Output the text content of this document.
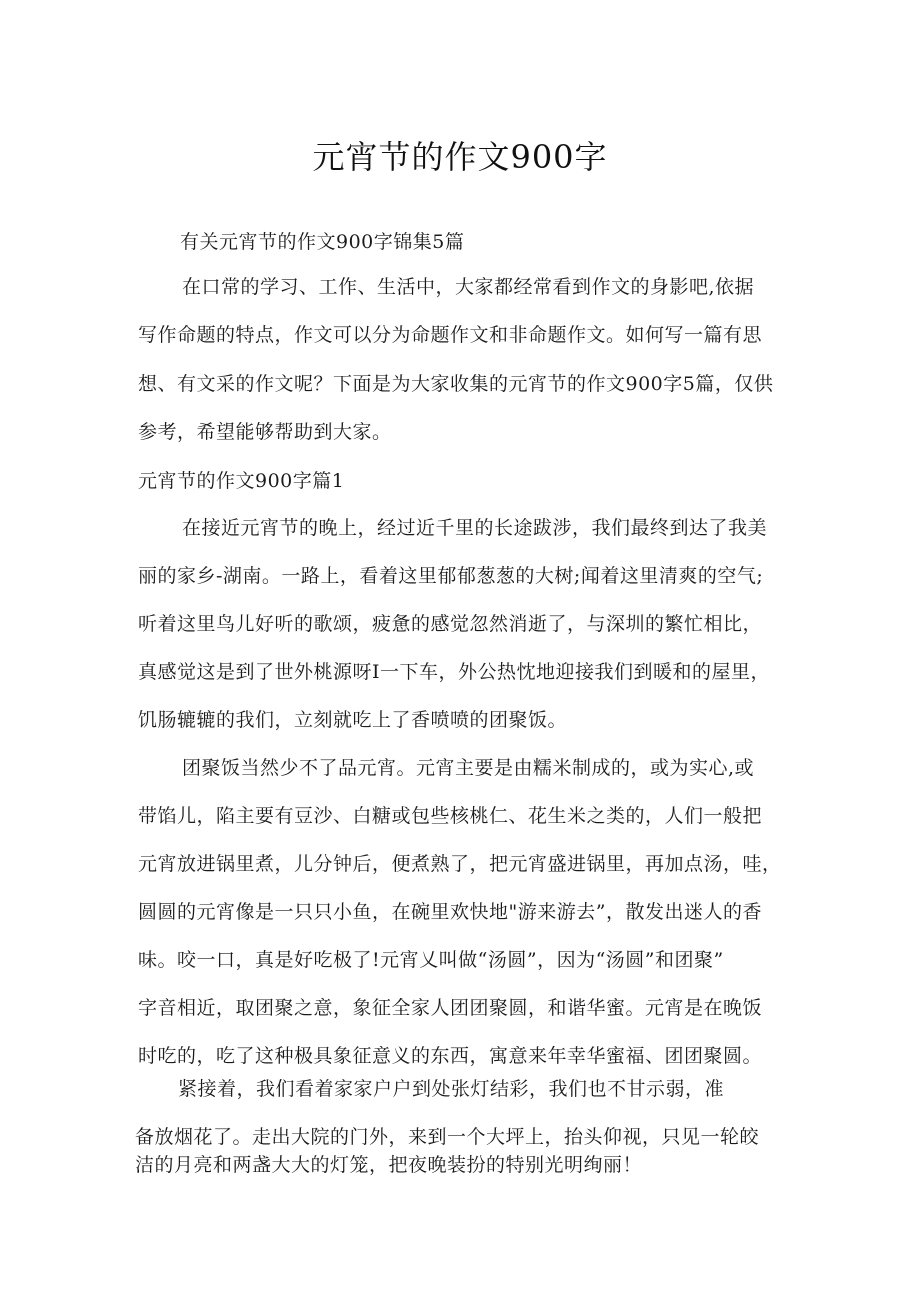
元宵节的作文900字
有关元宵节的作文900字锦集5篇
在口常的学习、工作、生活中，大家都经常看到作文的身影吧,依据
写作命题的特点，作文可以分为命题作文和非命题作文。如何写一篇有思
想、有文采的作文呢？下面是为大家收集的元宵节的作文900字5篇，仅供
参考，希望能够帮助到大家。
元宵节的作文900字篇1
在接近元宵节的晚上，经过近千里的长途跋涉，我们最终到达了我美
丽的家乡-湖南。一路上，看着这里郁郁葱葱的大树;闻着这里清爽的空气;
听着这里鸟儿好听的歌颂，疲惫的感觉忽然消逝了，与深圳的繁忙相比，
真感觉这是到了世外桃源呀I一下车，外公热忱地迎接我们到暖和的屋里，
饥肠辘辘的我们，立刻就吃上了香喷喷的团聚饭。
团聚饭当然少不了品元宵。元宵主要是由糯米制成的，或为实心,或
带馅儿，陷主要有豆沙、白糖或包些核桃仁、花生米之类的，人们一般把
元宵放进锅里煮，儿分钟后，便煮熟了，把元宵盛进锅里，再加点汤，哇，
圆圆的元宵像是一只只小鱼，在碗里欢快地"游来游去”，散发出迷人的香
味。咬一口，真是好吃极了!元宵乂叫做“汤圆”，因为“汤圆”和团聚”
字音相近，取团聚之意，象征全家人团团聚圆，和谐华蜜。元宵是在晚饭
时吃的，吃了这种极具象征意义的东西，寓意来年幸华蜜福、团团聚圆。
紧接着，我们看着家家户户到处张灯结彩，我们也不甘示弱，准
备放烟花了。走出大院的门外，来到一个大坪上，抬头仰视，只见一轮皎
洁的月亮和两盏大大的灯笼，把夜晚装扮的特别光明绚丽！
